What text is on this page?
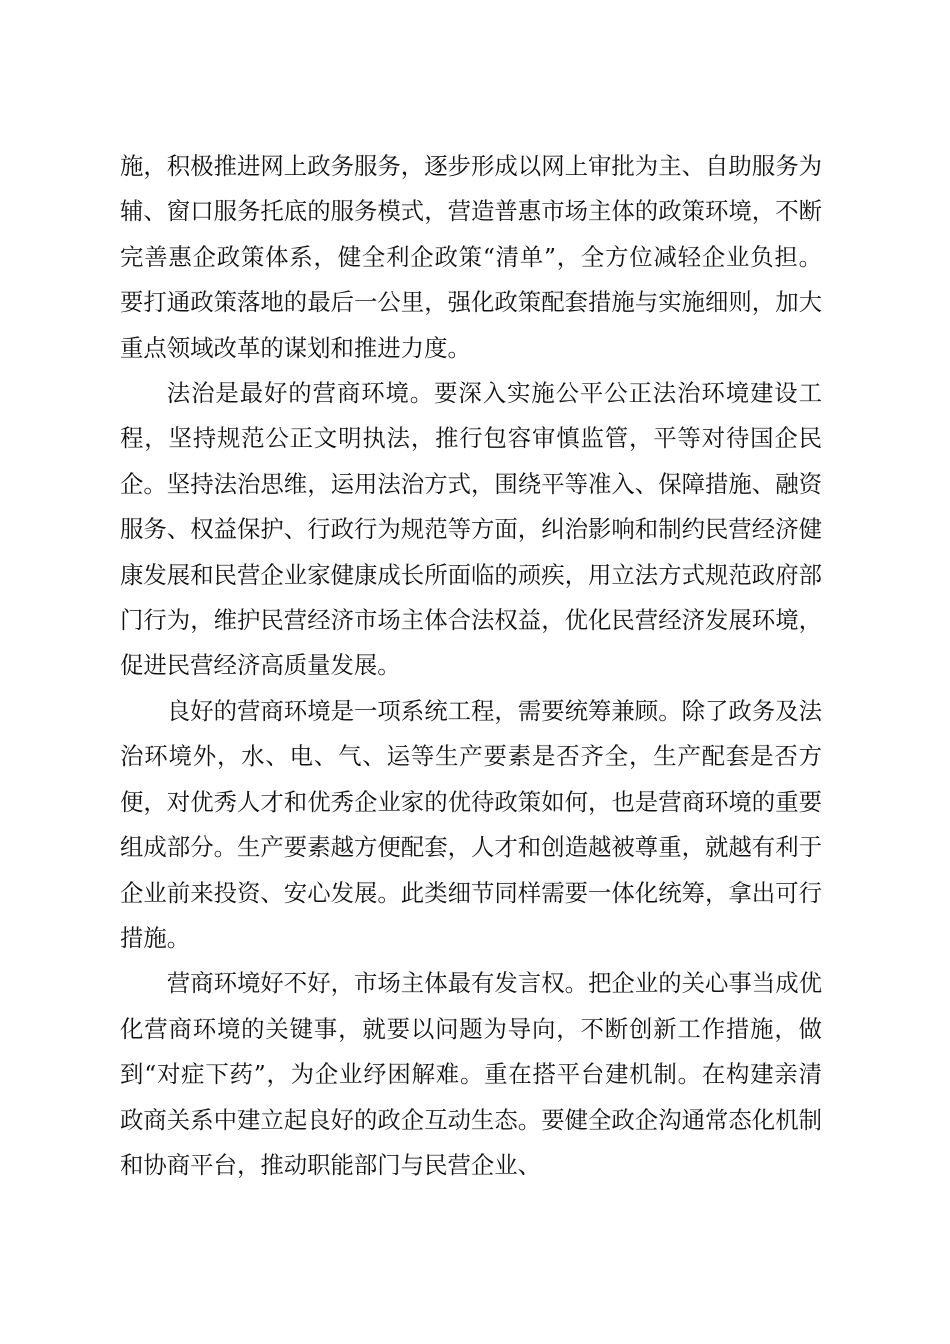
施，积极推进网上政务服务，逐步形成以网上审批为主、自助服务为辅、窗口服务托底的服务模式，营造普惠市场主体的政策环境，不断完善惠企政策体系，健全利企政策“清单”，全方位减轻企业负担。要打通政策落地的最后一公里，强化政策配套措施与实施细则，加大重点领域改革的谋划和推进力度。

法治是最好的营商环境。要深入实施公平公正法治环境建设工程，坚持规范公正文明执法，推行包容审慎监管，平等对待国企民企。坚持法治思维，运用法治方式，围绕平等准入、保障措施、融资服务、权益保护、行政行为规范等方面，纠治影响和制约民营经济健康发展和民营企业家健康成长所面临的顽疾，用立法方式规范政府部门行为，维护民营经济市场主体合法权益，优化民营经济发展环境，促进民营经济高质量发展。

良好的营商环境是一项系统工程，需要统筹兼顾。除了政务及法治环境外，水、电、气、运等生产要素是否齐全，生产配套是否方便，对优秀人才和优秀企业家的优待政策如何，也是营商环境的重要组成部分。生产要素越方便配套，人才和创造越被尊重，就越有利于企业前来投资、安心发展。此类细节同样需要一体化统筹，拿出可行措施。

营商环境好不好，市场主体最有发言权。把企业的关心事当成优化营商环境的关键事，就要以问题为导向，不断创新工作措施，做到“对症下药”，为企业纾困解难。重在搭平台建机制。在构建亲清政商关系中建立起良好的政企互动生态。要健全政企沟通常态化机制和协商平台，推动职能部门与民营企业、
